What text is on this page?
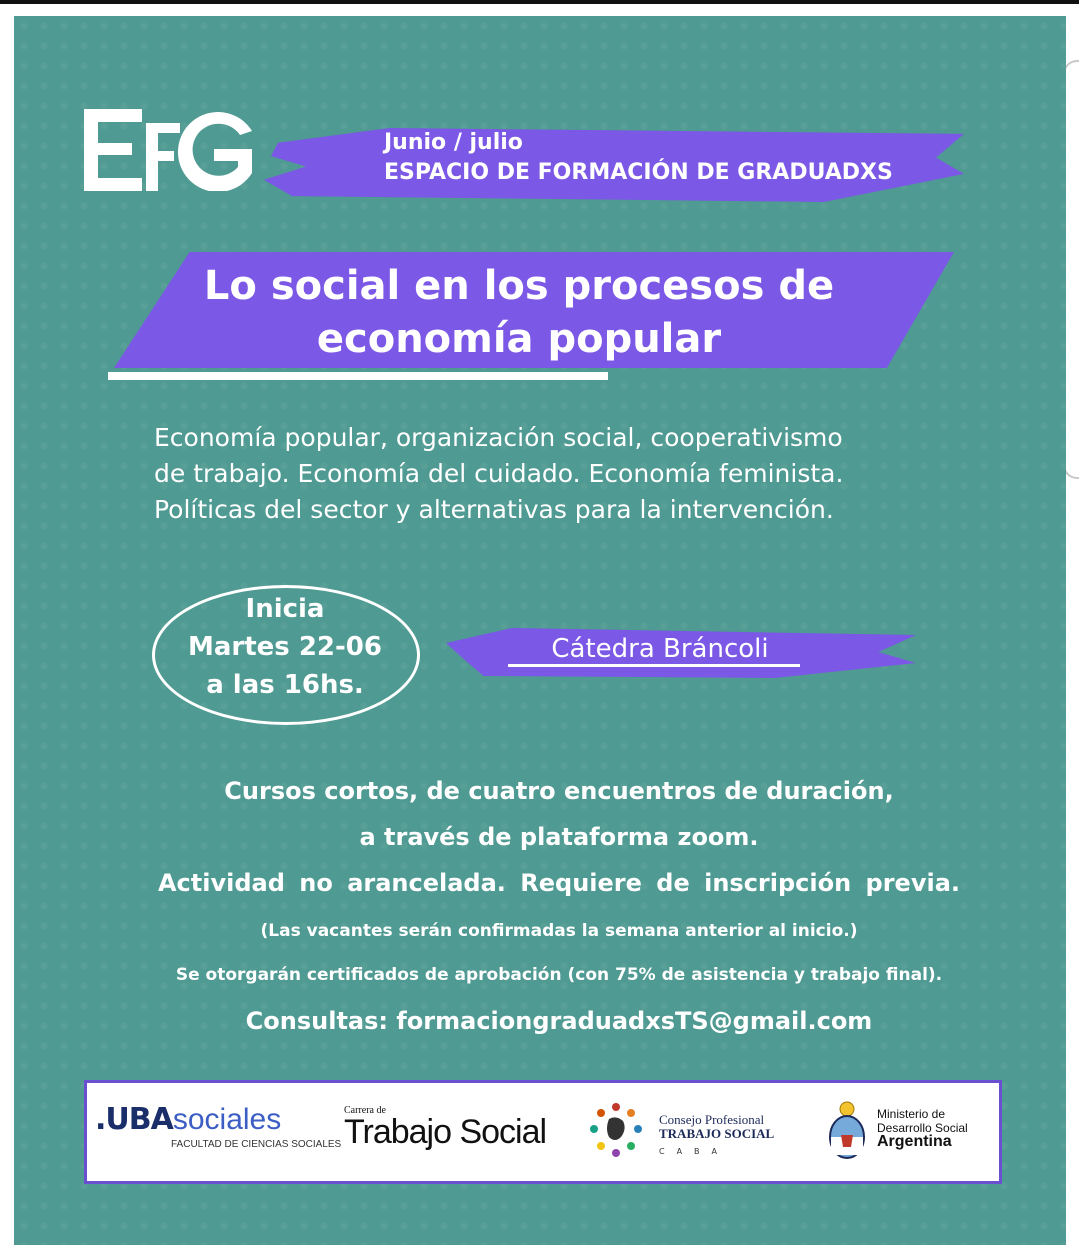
Junio / julio
ESPACIO DE FORMACIÓN DE GRADUADXS
Lo social en los procesos de
economía popular
Economía popular, organización social, cooperativismo
de trabajo. Economía del cuidado. Economía feminista.
Políticas del sector y alternativas para la intervención.
Inicia
Martes 22-06
a las 16hs.
Cátedra Bráncoli
Cursos cortos, de cuatro encuentros de duración,
a través de plataforma zoom.
Actividad no arancelada. Requiere de inscripción previa.
(Las vacantes serán confirmadas la semana anterior al inicio.)
Se otorgarán certificados de aprobación (con 75% de asistencia y trabajo final).
Consultas: formaciongraduadxsTS@gmail.com
.UBAsociales
FACULTAD DE CIENCIAS SOCIALES
Carrera de
Trabajo Social	Consejo Profesional
TRABAJO SOCIAL
CABA
Ministerio de
Desarrollo Social
Argentina
